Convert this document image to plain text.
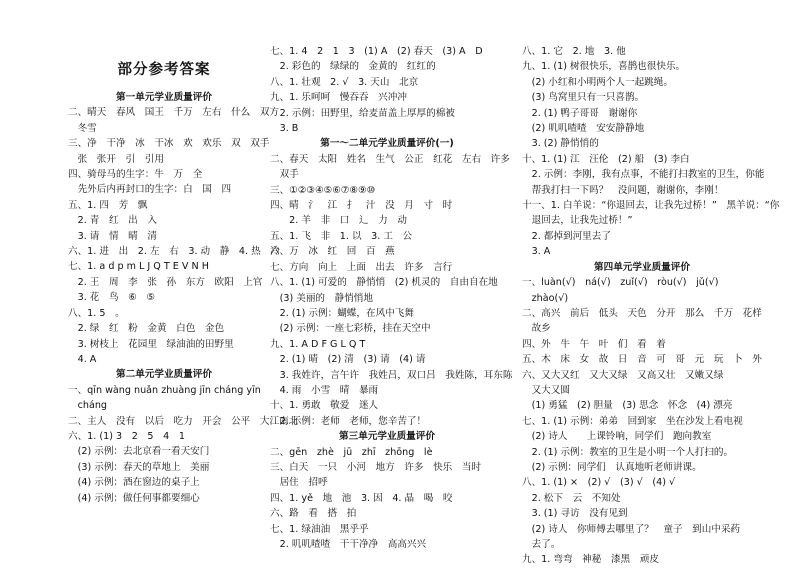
部分参考答案
第一单元学业质量评价
二、晴天　春风　国王　千万　左右　什么　双方
　冬雪
三、净　干净　冰　干冰　欢　欢乐　双　双手
　张　张开　引　引用
四、骑母马的生字：牛　万　全
　先外后内再封口的生字：白　国　四
五、1. 四　芳　飘
　2. 青　红　出　入
　3. 请　情　晴　清
六、1. 进　出　2. 左　右　3. 动　静　4. 热　冷
七、1. a d p m L J Q T E V N H
　2. 王　周　李　张　孙　东方　欧阳　上官
　3. 花　鸟　⑥　⑤
八、1. 5　。
　2. 绿　红　粉　金黄　白色　金色
　3. 树枝上　花园里　绿油油的田野里
　4. A
第二单元学业质量评价
一、qīn wàng nuǎn zhuàng jīn cháng yīn
　cháng
二、主人　没有　以后　吃力　开会　公平　大江南北
六、1. (1) 3　2　5　4　1
　(2) 示例：去北京看一看天安门
　(3) 示例：春天的草地上　美丽
　(4) 示例：酒在窗边的桌子上
　(4) 示例：做任何事都要细心
七、1. 4　2　1　3　(1) A　(2) 春天　(3) A　D
　2. 彩色的　绿绿的　金黄的　红红的
八、1. 壮观　2. √　3. 天山　北京
九、1. 乐呵呵　慢吞吞　兴冲冲
　2. 示例：田野里，给麦苗盖上厚厚的棉被
　3. B
第一～二单元学业质量评价(一)
二、春天　太阳　姓名　生气　公正　红花　左右　许多
　双手
三、①②③④⑤⑥⑦⑧⑨⑩
四、晴　氵　江　扌　汁　没　月　寸　时
　　2. 羊　非　口　辶　力　动
五、1. 飞　非　1. 以　3. 工　公
六、万　冰　红　回　百　燕
七、方向　向上　上面　出去　许多　言行
八、1. (1) 可爱的　静悄悄　(2) 机灵的　自由自在地
　(3) 美丽的　静悄悄地
　2. (1) 示例：蝴蝶，在风中飞舞
　(2) 示例：一座七彩桥，挂在天空中
九、1. A D F G L Q T
　2. (1) 晴　(2) 清　(3) 请　(4) 请
　3. 我姓许，言午许　我姓吕，双口吕　我姓陈，耳东陈
　4. 雨　小雪　晴　暴雨
十、1. 勇敢　敬爱　迷人
　2. 示例：老师　老师，您辛苦了！
第三单元学业质量评价
二、gēn　zhè　jū　zhī　zhōng　lè
三、白天　一只　小河　地方　许多　快乐　当时
　居住　招呼
四、1. yě　地　池　3. 因　4. 晶　喝　咬
六、路　看　搭　拍
七、1. 绿油油　黑乎乎
　2. 叽叽喳喳　干干净净　高高兴兴
八、1. 它　2. 地　3. 他
九、1. (1) 树很快乐，喜鹊也很快乐。
　(2) 小红和小明两个人一起跳绳。
　(3) 鸟窝里只有一只喜鹊。
　2. (1) 鸭子哥哥　谢谢你
　(2) 叽叽喳喳　安安静静地
　3. (2) 静悄悄的
十、1. (1) 江　汪伦　(2) 船　(3) 李白
　2. 示例：李刚，我有点事，不能打扫教室的卫生，你能
　帮我打扫一下吗？　没问题，谢谢你，李刚！
十一、1. 白羊说：“你退回去，让我先过桥！”　黑羊说：“你
　退回去，让我先过桥！”
　2. 都掉到河里去了
　3. A
第四单元学业质量评价
一、luàn(√)　ná(√)　zuǐ(√)　ròu(√)　jǔ(√)
　zhào(√)
二、高兴　前后　低头　天色　分开　那么　千万　花样
　故乡
四、外　牛　午　叶　们　看　着
五、木　床　女　故　日　音　可　哥　元　玩　卜　外
六、又大又红　又大又绿　又高又壮　又嫩又绿
　又大又圆
　(1) 勇猛　(2) 胆量　(3) 思念　怀念　(4) 漂亮
七、1. (1) 示例：弟弟　回到家　坐在沙发上看电视
　(2) 诗人　　上课铃响，同学们　跑向教室
　2. (1) 示例：教室的卫生是小明一个人打扫的。
　(2) 示例：同学们　认真地听老师讲课。
八、1. (1) ×　(2) √　(3) √　(4) √
　2. 松下　云　不知处
　3. (1) 寻访　没有见到
　(2) 诗人　你师傅去哪里了？　童子　到山中采药
　去了。
九、1. 弯弯　神秘　漆黑　顽皮
